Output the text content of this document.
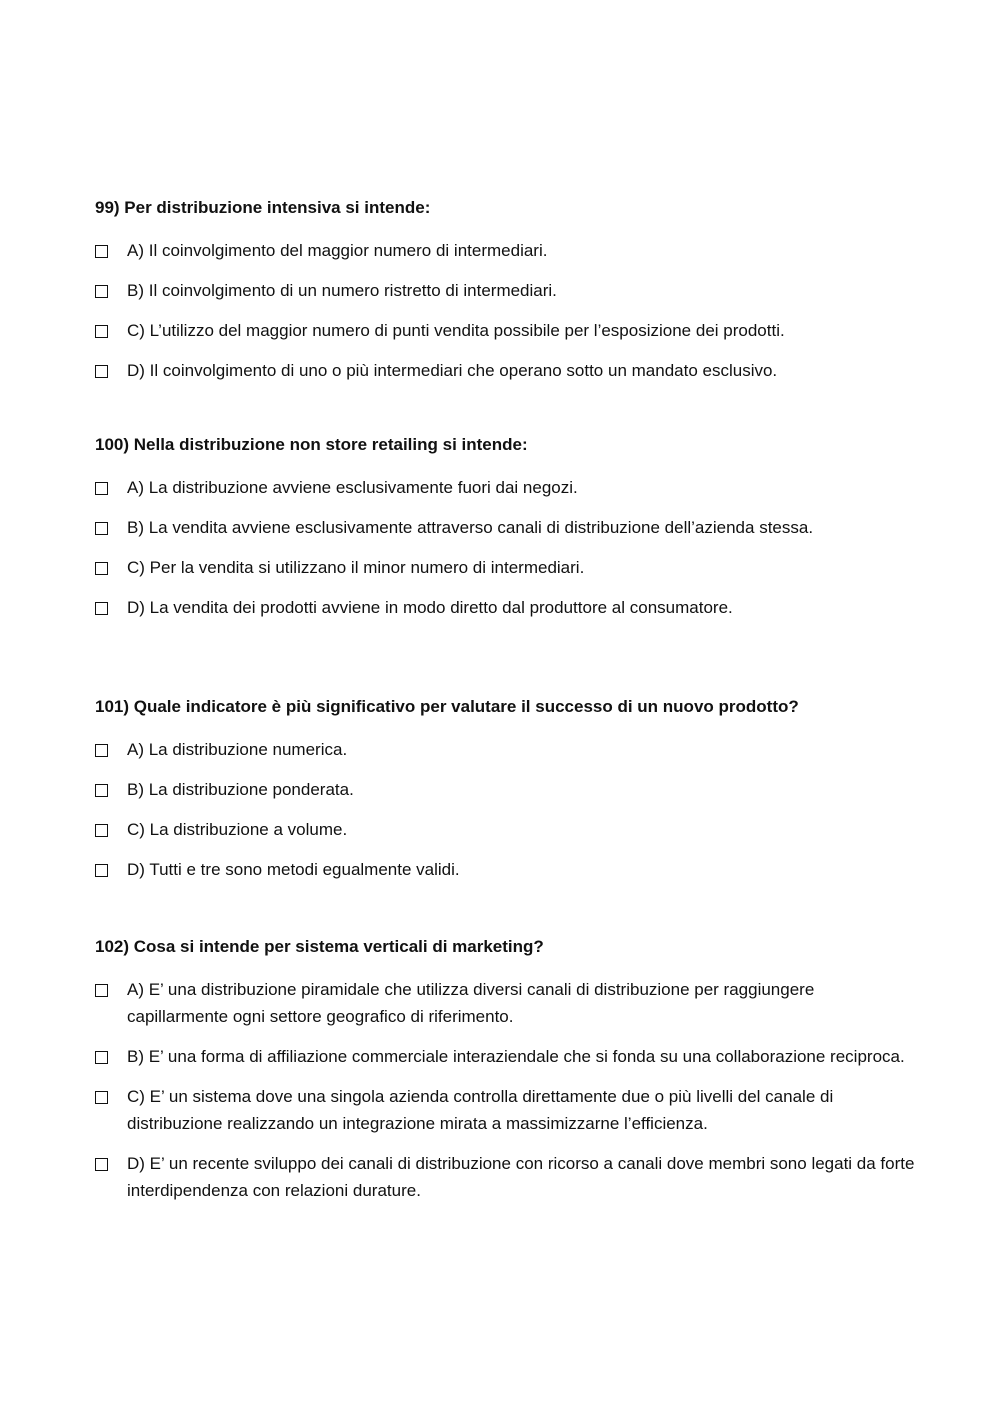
99) Per distribuzione intensiva si intende:
A) Il coinvolgimento del maggior numero di intermediari.
B) Il coinvolgimento di un numero ristretto di intermediari.
C) L’utilizzo del maggior numero di punti vendita possibile per l’esposizione dei prodotti.
D) Il coinvolgimento di uno o più intermediari che operano sotto un mandato esclusivo.
100) Nella distribuzione non store retailing si intende:
A) La distribuzione avviene esclusivamente fuori dai negozi.
B) La vendita avviene esclusivamente attraverso canali di distribuzione dell’azienda stessa.
C) Per la vendita si utilizzano il minor numero di intermediari.
D) La vendita dei prodotti avviene in modo diretto dal produttore al consumatore.
101) Quale indicatore è più significativo per valutare il successo di un nuovo prodotto?
A) La distribuzione numerica.
B) La distribuzione ponderata.
C) La distribuzione a volume.
D) Tutti e tre sono metodi egualmente validi.
102) Cosa si intende per sistema verticali di marketing?
A) E’ una distribuzione piramidale che utilizza diversi canali di distribuzione per raggiungere capillarmente ogni settore geografico di riferimento.
B) E’ una forma di affiliazione commerciale interaziendale che si fonda su una collaborazione reciproca.
C) E’ un sistema dove una singola azienda controlla direttamente due o più livelli del canale di distribuzione realizzando un integrazione mirata a massimizzarne l’efficienza.
D) E’ un recente sviluppo dei canali di distribuzione con ricorso a canali dove membri sono legati da forte interdipendenza con relazioni durature.
